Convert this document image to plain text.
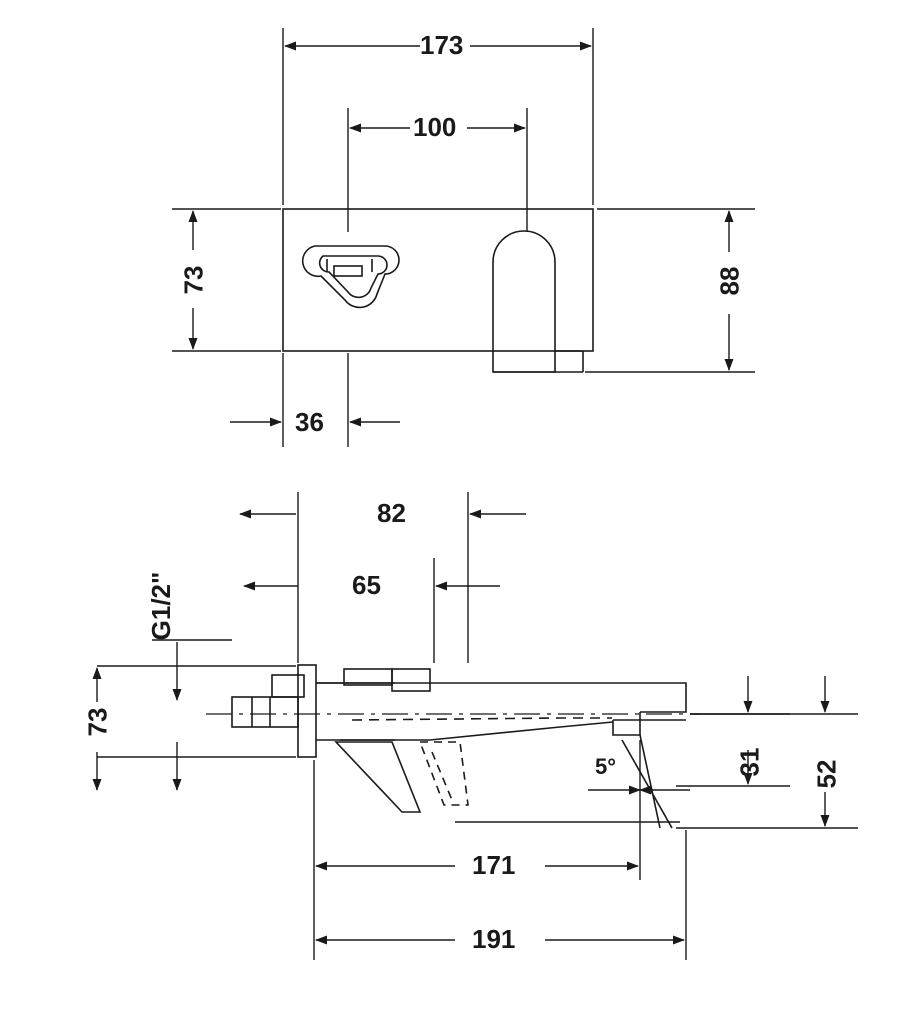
173
100
73	88
36
82
65
G1/2"
73
31 52
5°
171
191
